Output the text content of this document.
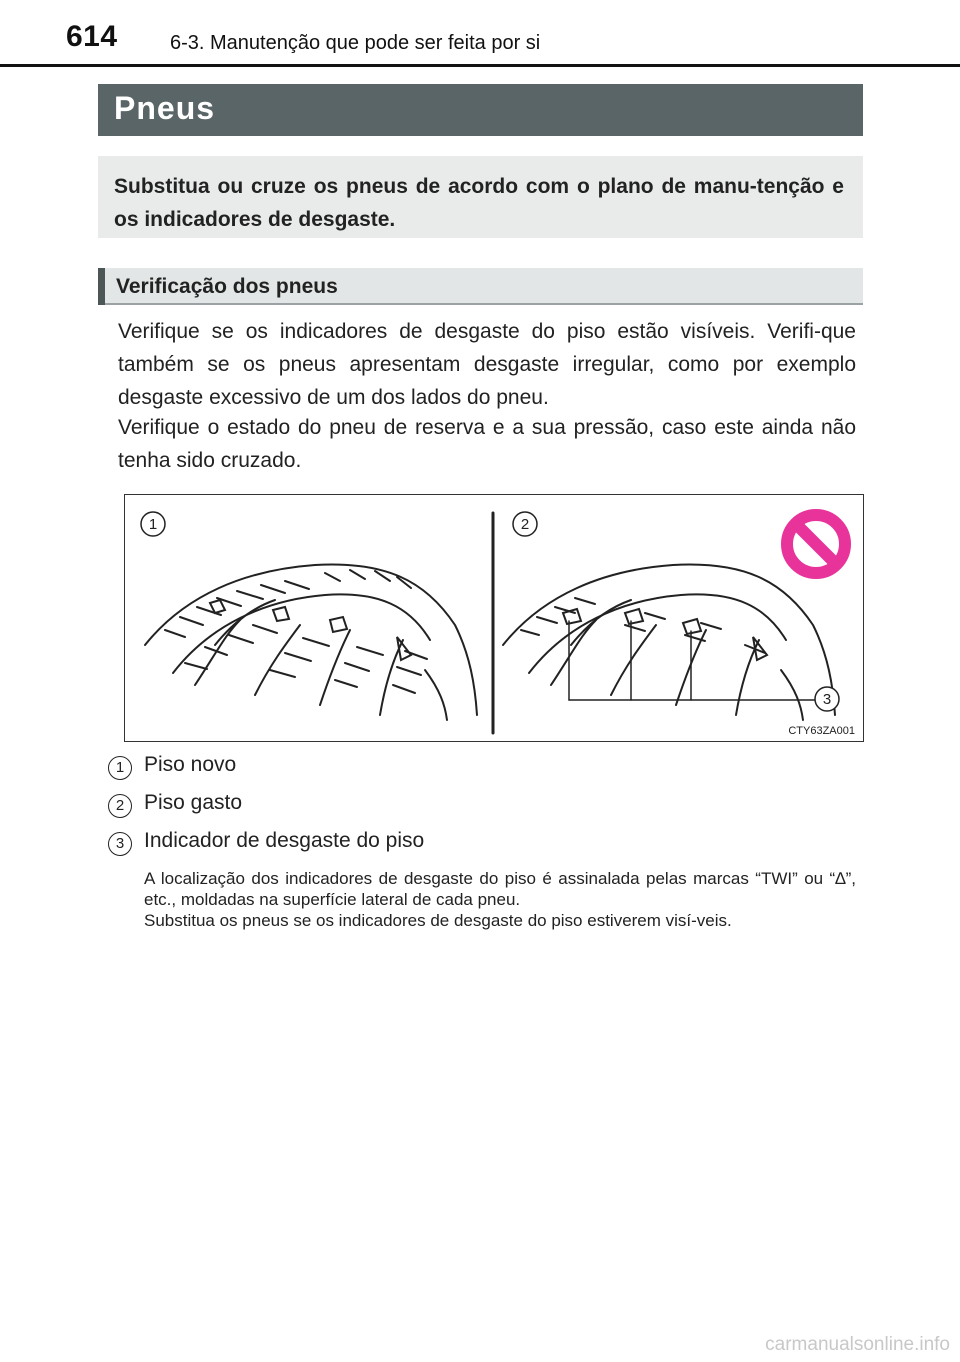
614	6-3. Manutenção que pode ser feita por si
Pneus
Substitua ou cruze os pneus de acordo com o plano de manu-tenção e os indicadores de desgaste.
Verificação dos pneus
Verifique se os indicadores de desgaste do piso estão visíveis. Verifi-que também se os pneus apresentam desgaste irregular, como por exemplo desgaste excessivo de um dos lados do pneu.
Verifique o estado do pneu de reserva e a sua pressão, caso este ainda não tenha sido cruzado.
1	2
3
CTY63ZA001
1 Piso novo
2 Piso gasto
3 Indicador de desgaste do piso

A localização dos indicadores de desgaste do piso é assinalada pelas marcas “TWI” ou “∆”, etc., moldadas na superfície lateral de cada pneu.

Substitua os pneus se os indicadores de desgaste do piso estiverem visí-veis.

carmanualsonline.info
